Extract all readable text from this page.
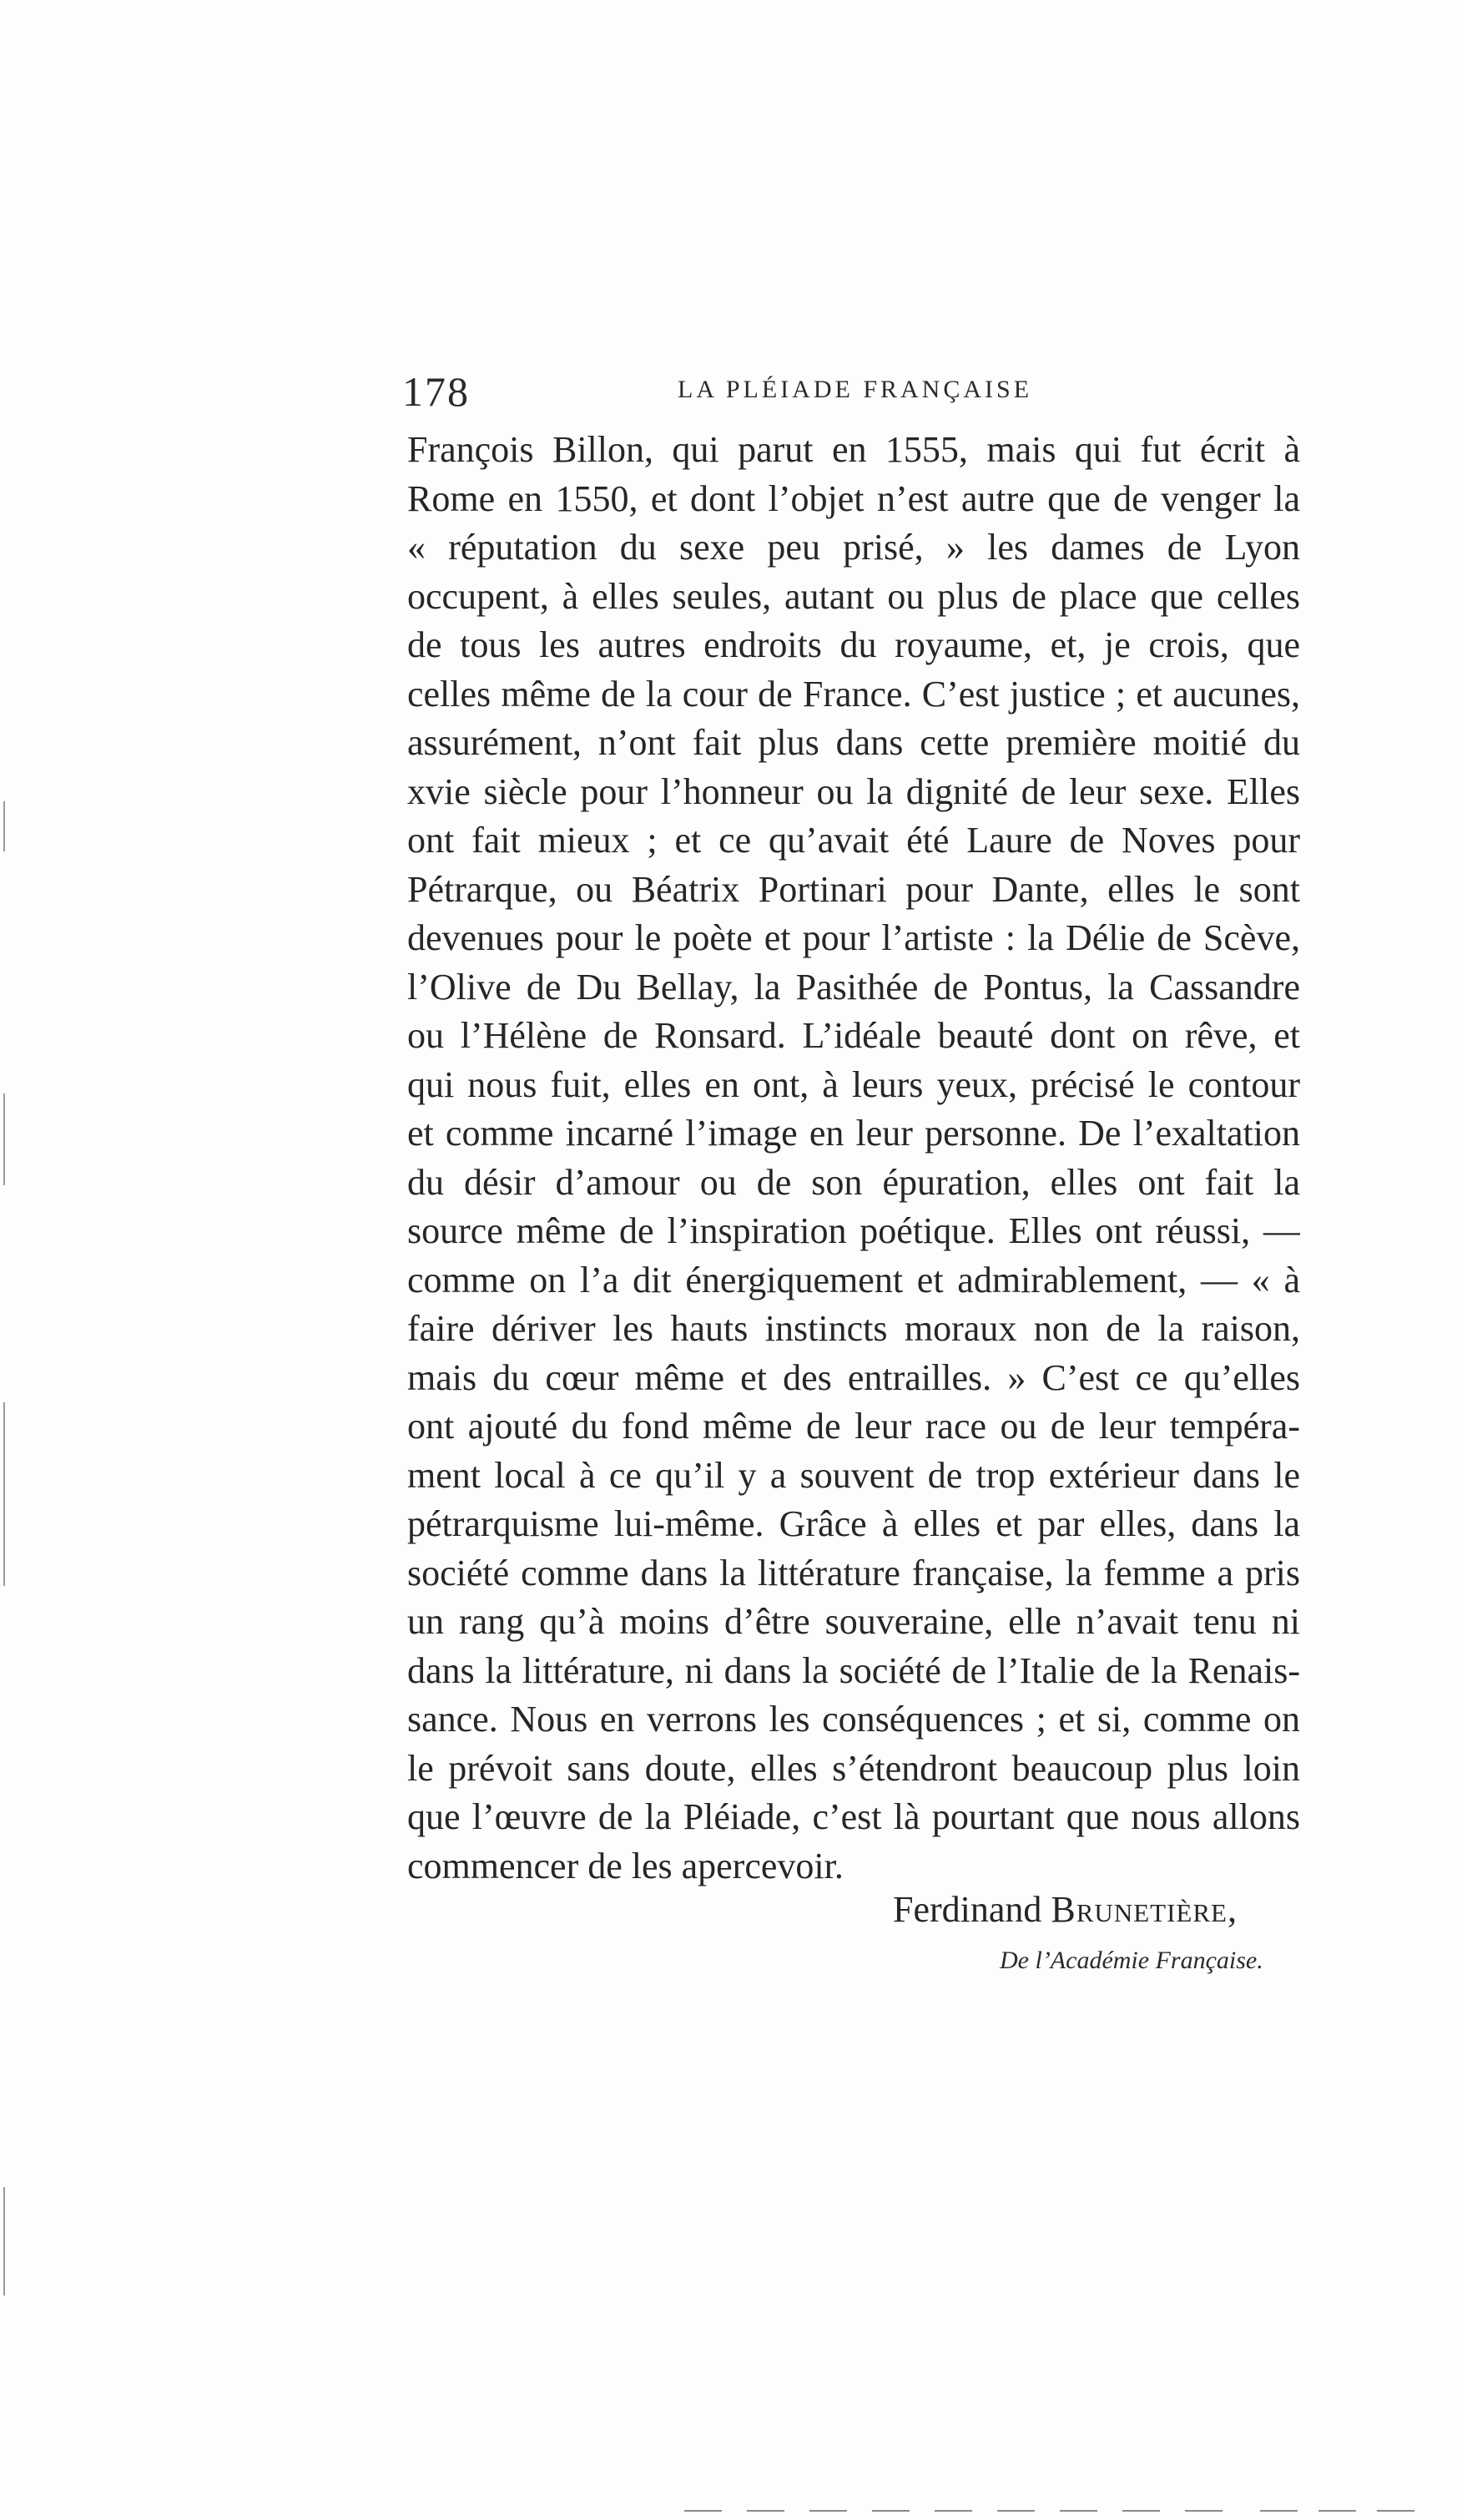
178	LA PLÉIADE FRANÇAISE
François Billon, qui parut en 1555, mais qui fut écrit à
Rome en 1550, et dont l’objet n’est autre que de venger la
« réputation du sexe peu prisé, » les dames de Lyon
occupent, à elles seules, autant ou plus de place que celles
de tous les autres endroits du royaume, et, je crois, que
celles même de la cour de France. C’est justice ; et aucunes,
assurément, n’ont fait plus dans cette première moitié du
xvie siècle pour l’honneur ou la dignité de leur sexe. Elles
ont fait mieux ; et ce qu’avait été Laure de Noves pour
Pétrarque, ou Béatrix Portinari pour Dante, elles le sont
devenues pour le poète et pour l’artiste : la Délie de Scève,
l’Olive de Du Bellay, la Pasithée de Pontus, la Cassandre
ou l’Hélène de Ronsard. L’idéale beauté dont on rêve, et
qui nous fuit, elles en ont, à leurs yeux, précisé le contour
et comme incarné l’image en leur personne. De l’exaltation
du désir d’amour ou de son épuration, elles ont fait la
source même de l’inspiration poétique. Elles ont réussi, —
comme on l’a dit énergiquement et admirablement, — « à
faire dériver les hauts instincts moraux non de la raison,
mais du cœur même et des entrailles. » C’est ce qu’elles
ont ajouté du fond même de leur race ou de leur tempéra-
ment local à ce qu’il y a souvent de trop extérieur dans le
pétrarquisme lui-même. Grâce à elles et par elles, dans la
société comme dans la littérature française, la femme a pris
un rang qu’à moins d’être souveraine, elle n’avait tenu ni
dans la littérature, ni dans la société de l’Italie de la Renais-
sance. Nous en verrons les conséquences ; et si, comme on
le prévoit sans doute, elles s’étendront beaucoup plus loin
que l’œuvre de la Pléiade, c’est là pourtant que nous allons
commencer de les apercevoir.
Ferdinand Brunetière,
De l’Académie Française.
